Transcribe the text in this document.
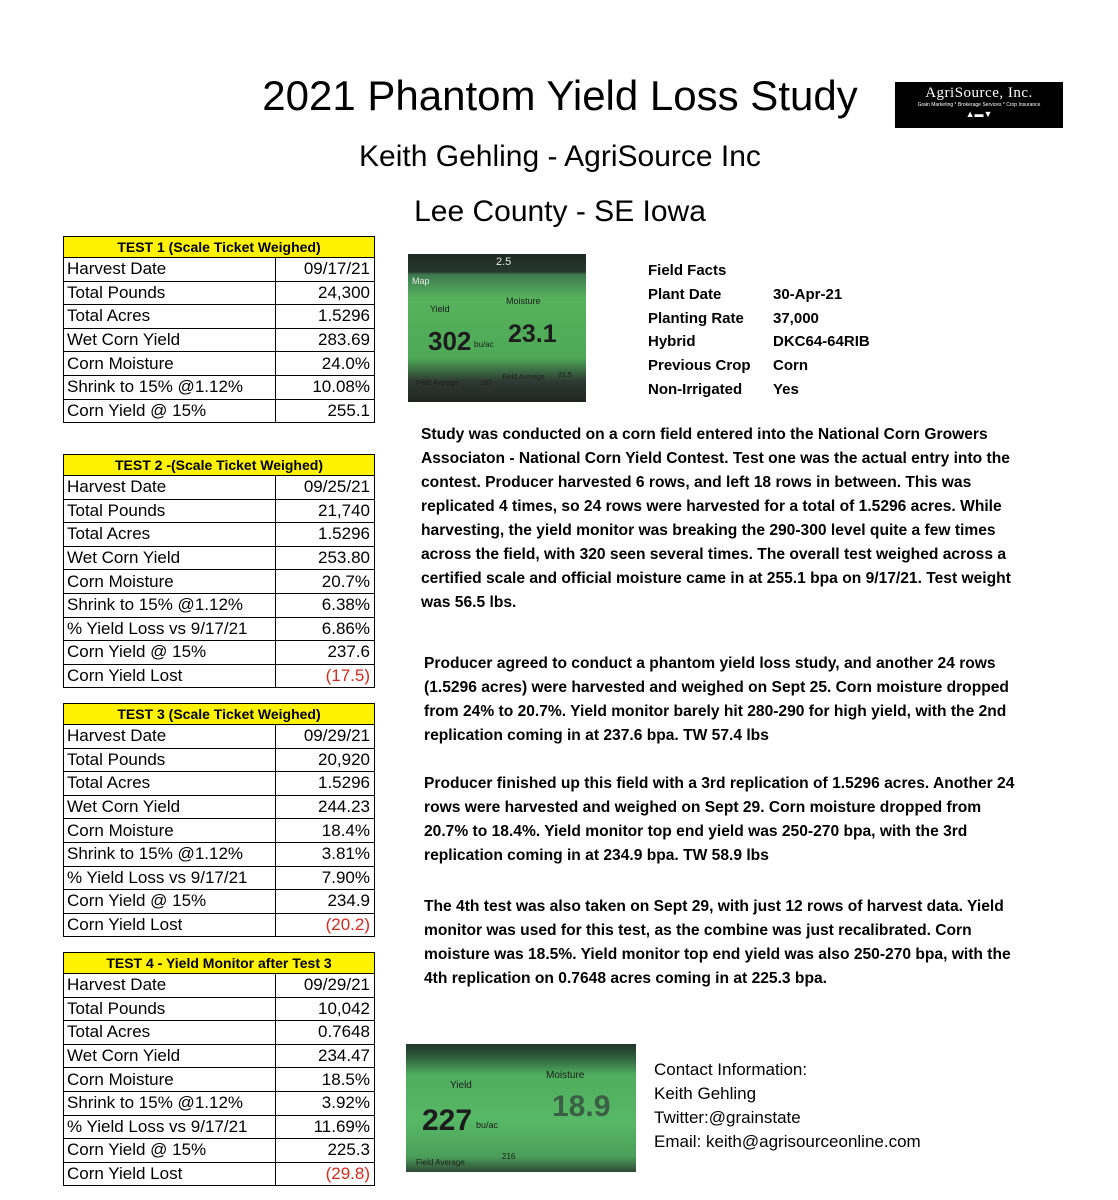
2021 Phantom Yield Loss Study
Keith Gehling - AgriSource Inc
Lee County - SE Iowa
AgriSource, Inc.
Grain Marketing * Brokerage Services * Crop Insurance
▲▬▼
TEST 1 (Scale Ticket Weighed)	
Harvest Date	09/17/21
Total Pounds	24,300
Total Acres	1.5296
Wet Corn Yield	283.69
Corn Moisture	24.0%
Shrink to 15% @1.12%	10.08%
Corn Yield @ 15%	255.1
TEST 2 -(Scale Ticket Weighed)	
Harvest Date	09/25/21
Total Pounds	21,740
Total Acres	1.5296
Wet Corn Yield	253.80
Corn Moisture	20.7%
Shrink to 15% @1.12%	6.38%
% Yield Loss vs 9/17/21	6.86%
Corn Yield @ 15%	237.6
Corn Yield Lost	(17.5)
TEST 3 (Scale Ticket Weighed)	
Harvest Date	09/29/21
Total Pounds	20,920
Total Acres	1.5296
Wet Corn Yield	244.23
Corn Moisture	18.4%
Shrink to 15% @1.12%	3.81%
% Yield Loss vs 9/17/21	7.90%
Corn Yield @ 15%	234.9
Corn Yield Lost	(20.2)
TEST 4 - Yield Monitor after Test 3	
Harvest Date	09/29/21
Total Pounds	10,042
Total Acres	0.7648
Wet Corn Yield	234.47
Corn Moisture	18.5%
Shrink to 15% @1.12%	3.92%
% Yield Loss vs 9/17/21	11.69%
Corn Yield @ 15%	225.3
Corn Yield Lost	(29.8)
2.5
Map
Yield
302 bu/ac
Moisture
23.1
Field Average	187
Field Average 22.5
Field Facts
Plant Date	30-Apr-21
Planting Rate 37,000
Hybrid	DKC64-64RIB
Previous Crop Corn
Non-Irrigated Yes
Study was conducted on a corn field entered into the National Corn Growers Associaton - National Corn Yield Contest. Test one was the actual entry into the contest. Producer harvested 6 rows, and left 18 rows in between. This was replicated 4 times, so 24 rows were harvested for a total of 1.5296 acres. While harvesting, the yield monitor was breaking the 290-300 level quite a few times across the field, with 320 seen several times. The overall test weighed across a certified scale and official moisture came in at 255.1 bpa on 9/17/21. Test weight was 56.5 lbs.
Producer agreed to conduct a phantom yield loss study, and another 24 rows (1.5296 acres) were harvested and weighed on Sept 25. Corn moisture dropped from 24% to 20.7%. Yield monitor barely hit 280-290 for high yield, with the 2nd replication coming in at 237.6 bpa. TW 57.4 lbs
Producer finished up this field with a 3rd replication of 1.5296 acres. Another 24 rows were harvested and weighed on Sept 29. Corn moisture dropped from 20.7% to 18.4%. Yield monitor top end yield was 250-270 bpa, with the 3rd replication coming in at 234.9 bpa. TW 58.9 lbs
The 4th test was also taken on Sept 29, with just 12 rows of harvest data. Yield monitor was used for this test, as the combine was just recalibrated. Corn moisture was 18.5%. Yield monitor top end yield was also 250-270 bpa, with the 4th replication on 0.7648 acres coming in at 225.3 bpa.
Yield
227 bu/ac
Moisture
18.9
Field Average
216
Contact Information:
Keith Gehling
Twitter:@grainstate
Email: keith@agrisourceonline.com
